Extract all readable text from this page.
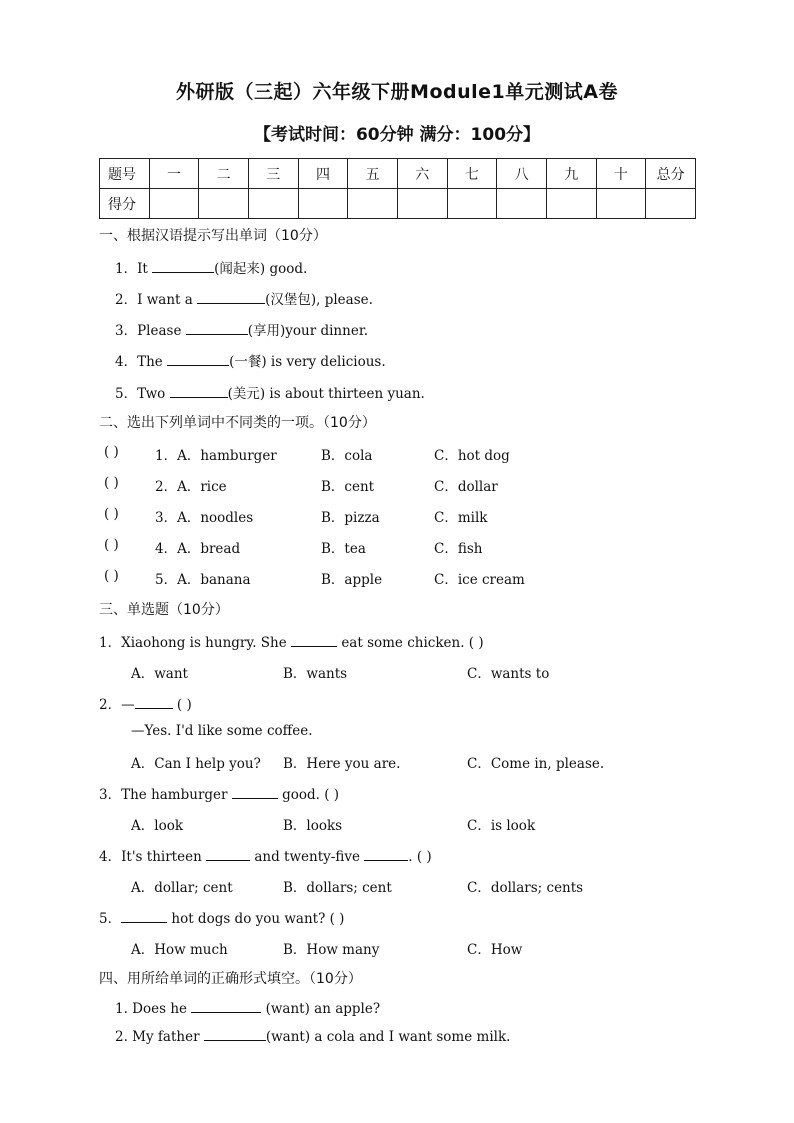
外研版（三起）六年级下册Module1单元测试A卷
【考试时间：60分钟 满分：100分】
题号	一	二	三	四	五	六	七	八	九	十	总分
得分											
一、根据汉语提示写出单词（10分）
1．It	(闻起来) good.
2．I want a	(汉堡包), please.
3．Please	(享用)your dinner.
4．The	(一餐) is very delicious.
5．Two	(美元) is about thirteen yuan.
二、选出下列单词中不同类的一项。（10分）
( )	1．A．hamburger	B．cola	C．hot dog
( )	2．A．rice	B．cent	C．dollar
( )	3．A．noodles	B．pizza	C．milk
( )	4．A．bread	B．tea	C．fish
( )	5．A．banana	B．apple	C．ice cream
三、单选题（10分）
1．Xiaohong is hungry. She	eat some chicken. ( )
A．want	B．wants	C．wants to
2．—	( )
—Yes. I'd like some coffee.
A．Can I help you? B．Here you are.	C．Come in, please.
3．The hamburger	good. ( )
A．look	B．looks	C．is look
4．It's thirteen	and twenty-five	. ( )
A．dollar; cent	B．dollars; cent	C．dollars; cents
5．	hot dogs do you want? ( )
A．How much	B．How many	C．How
四、用所给单词的正确形式填空。（10分）
1. Does he	(want) an apple?
2. My father	(want) a cola and I want some milk.
